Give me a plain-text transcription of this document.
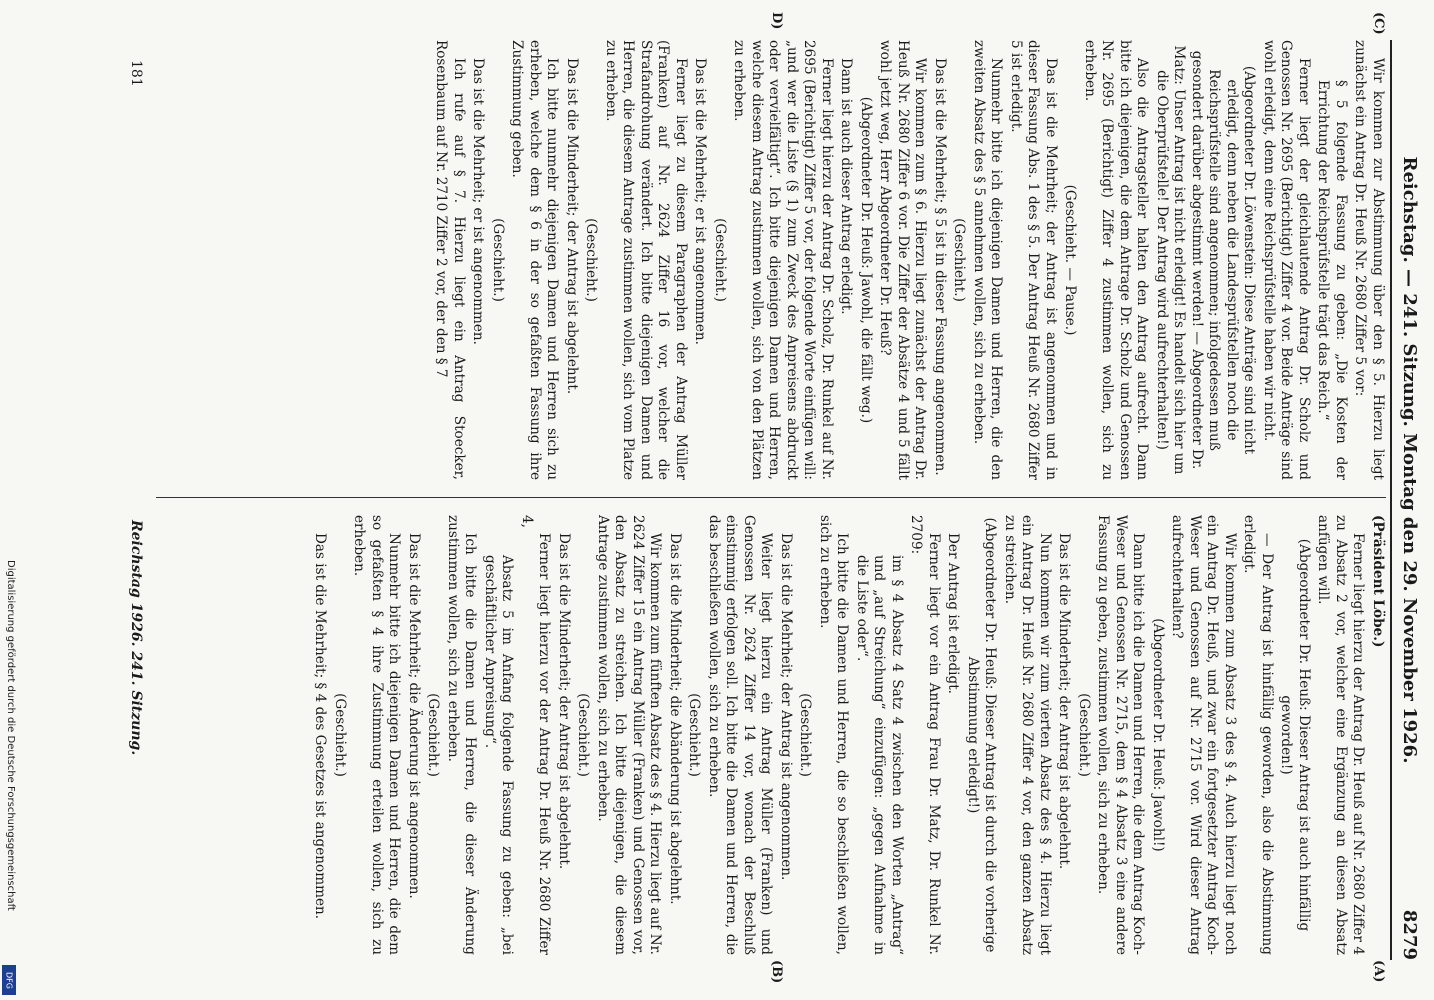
Reichstag. — 241. Sitzung. Montag den 29. November 1926.
8279

(Präsident Löbe.)

Ferner liegt hierzu der Antrag Dr. Heuß auf Nr. 2680 Ziffer 4 zu Absatz 2 vor, welcher eine Ergänzung an diesen Absatz anfügen will.

(Abgeordneter Dr. Heuß: Dieser Antrag ist auch hinfällig geworden!)

— Der Antrag ist hinfällig geworden, also die Abstimmung erledigt.

Wir kommen zum Absatz 3 des § 4. Auch hierzu liegt noch ein Antrag Dr. Heuß, und zwar ein fortgesetzter Antrag Koch-Weser und Genossen auf Nr. 2715 vor. Wird dieser Antrag aufrechterhalten?

(Abgeordneter Dr. Heuß: Jawohl!)

Dann bitte ich die Damen und Herren, die dem Antrag Koch-Weser und Genossen Nr. 2715, dem § 4 Absatz 3 eine andere Fassung zu geben, zustimmen wollen, sich zu erheben.

(Geschieht.)

Das ist die Minderheit; der Antrag ist abgelehnt.

Nun kommen wir zum vierten Absatz des § 4. Hierzu liegt ein Antrag Dr. Heuß Nr. 2680 Ziffer 4 vor, den ganzen Absatz zu streichen.

(Abgeordneter Dr. Heuß: Dieser Antrag ist durch die vorherige Abstimmung erledigt!)

Der Antrag ist erledigt.

Ferner liegt vor ein Antrag Frau Dr. Matz, Dr. Runkel Nr. 2709:

im § 4 Absatz 4 Satz 4 zwischen den Worten „Antrag“ und „auf Streichung“ einzufügen: „gegen Aufnahme in die Liste oder“.

Ich bitte die Damen und Herren, die so beschließen wollen, sich zu erheben.

(Geschieht.)

Das ist die Mehrheit; der Antrag ist angenommen.

Weiter liegt hierzu ein Antrag Müller (Franken) und Genossen Nr. 2624 Ziffer 14 vor, wonach der Beschluß einstimmig erfolgen soll. Ich bitte die Damen und Herren, die das beschließen wollen, sich zu erheben.

(Geschieht.)

Das ist die Minderheit; die Abänderung ist abgelehnt.

Wir kommen zum fünften Absatz des § 4. Hierzu liegt auf Nr. 2624 Ziffer 15 ein Antrag Müller (Franken) und Genossen vor, den Absatz zu streichen. Ich bitte diejenigen, die diesem Antrage zustimmen wollen, sich zu erheben.

(Geschieht.)

Das ist die Minderheit; der Antrag ist abgelehnt.

Ferner liegt hierzu vor der Antrag Dr. Heuß Nr. 2680 Ziffer 4,

Absatz 5 im Anfang folgende Fassung zu geben: „bei geschäftlicher Anpreisung“.

Ich bitte die Damen und Herren, die dieser Änderung zustimmen wollen, sich zu erheben.

(Geschieht.)

Das ist die Mehrheit; die Änderung ist angenommen.

Nunmehr bitte ich diejenigen Damen und Herren, die dem so gefaßten § 4 ihre Zustimmung erteilen wollen, sich zu erheben.

(Geschieht.)

Das ist die Mehrheit; § 4 des Gesetzes ist angenommen.

Wir kommen zur Abstimmung über den § 5. Hierzu liegt zunächst ein Antrag Dr. Heuß Nr. 2680 Ziffer 5 vor:

§ 5 folgende Fassung zu geben: „Die Kosten der Errichtung der Reichsprüfstelle trägt das Reich.“

Ferner liegt der gleichlautende Antrag Dr. Scholz und Genossen Nr. 2695 (Berichtigt) Ziffer 4 vor. Beide Anträge sind wohl erledigt, denn eine Reichsprüfstelle haben wir nicht.

(Abgeordneter Dr. Löwenstein: Diese Anträge sind nicht erledigt, denn neben die Landesprüfstellen noch die Reichsprüfstelle sind angenommen; infolgedessen muß gesondert darüber abgestimmt werden! — Abgeordneter Dr. Matz: Unser Antrag ist nicht erledigt! Es handelt sich hier um die Oberprüfstelle! Der Antrag wird aufrechterhalten!)

Also die Antragsteller halten den Antrag aufrecht. Dann bitte ich diejenigen, die dem Antrage Dr. Scholz und Genossen Nr. 2695 (Berichtigt) Ziffer 4 zustimmen wollen, sich zu erheben.

(Geschieht. — Pause.)

Das ist die Mehrheit; der Antrag ist angenommen und in dieser Fassung Abs. 1 des § 5. Der Antrag Heuß Nr. 2680 Ziffer 5 ist erledigt.

Nunmehr bitte ich diejenigen Damen und Herren, die den zweiten Absatz des § 5 annehmen wollen, sich zu erheben.

(Geschieht.)

Das ist die Mehrheit; § 5 ist in dieser Fassung angenommen.

Wir kommen zum § 6. Hierzu liegt zunächst der Antrag Dr. Heuß Nr. 2680 Ziffer 6 vor. Die Ziffer der Absätze 4 und 5 fällt wohl jetzt weg, Herr Abgeordneter Dr. Heuß?

(Abgeordneter Dr. Heuß: Jawohl, die fällt weg.)

Dann ist auch dieser Antrag erledigt.

Ferner liegt hierzu der Antrag Dr. Scholz, Dr. Runkel auf Nr. 2695 (Berichtigt) Ziffer 5 vor, der folgende Worte einfügen will: „und wer die Liste (§ 1) zum Zweck des Anpreisens abdruckt oder vervielfältigt“. Ich bitte diejenigen Damen und Herren, welche diesem Antrag zustimmen wollen, sich von den Plätzen zu erheben.

(Geschieht.)

Das ist die Mehrheit; er ist angenommen.

Ferner liegt zu diesem Paragraphen der Antrag Müller (Franken) auf Nr. 2624 Ziffer 16 vor, welcher die Strafandrohung verändert. Ich bitte diejenigen Damen und Herren, die diesem Antrage zustimmen wollen, sich vom Platze zu erheben.

(Geschieht.)

Das ist die Minderheit; der Antrag ist abgelehnt.

Ich bitte nunmehr diejenigen Damen und Herren sich zu erheben, welche dem § 6 in der so gefaßten Fassung ihre Zustimmung geben.

(Geschieht.)

Das ist die Mehrheit; er ist angenommen.

Ich rufe auf § 7. Hierzu liegt ein Antrag Stoecker, Rosenbaum auf Nr. 2710 Ziffer 2 vor, der den § 7

(A)
(B)
(C)
D)
Reichstag 1926. 241. Sitzung.
181
Digitalisierung gefördert durch die Deutsche Forschungsgemeinschaft
DFG
